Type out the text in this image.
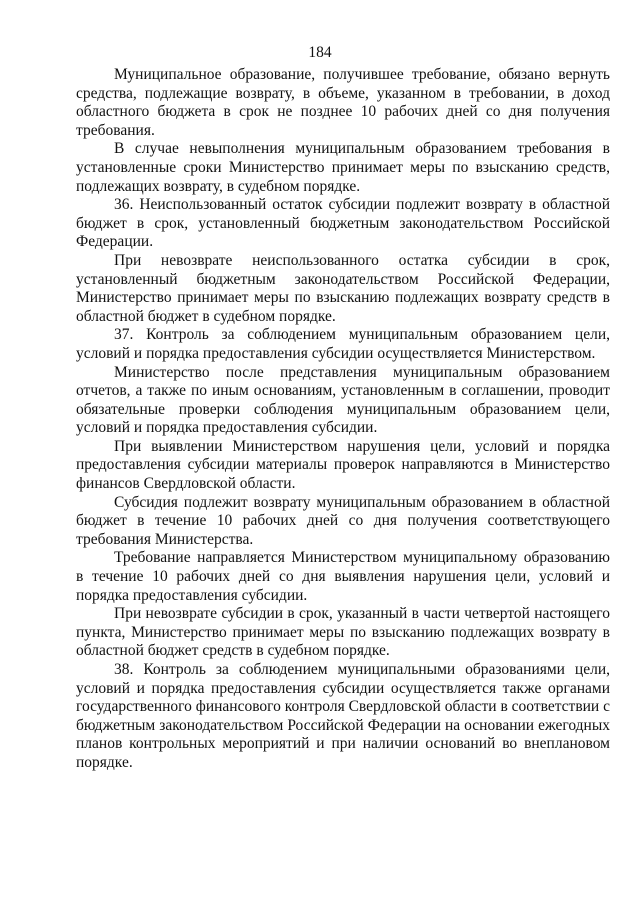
184

Муниципальное образование, получившее требование, обязано вернуть средства, подлежащие возврату, в объеме, указанном в требовании, в доход областного бюджета в срок не позднее 10 рабочих дней со дня получения требования.

В случае невыполнения муниципальным образованием требования в установленные сроки Министерство принимает меры по взысканию средств, подлежащих возврату, в судебном порядке.

36. Неиспользованный остаток субсидии подлежит возврату в областной бюджет в срок, установленный бюджетным законодательством Российской Федерации.

При невозврате неиспользованного остатка субсидии в срок, установленный бюджетным законодательством Российской Федерации, Министерство принимает меры по взысканию подлежащих возврату средств в областной бюджет в судебном порядке.

37. Контроль за соблюдением муниципальным образованием цели, условий и порядка предоставления субсидии осуществляется Министерством.

Министерство после представления муниципальным образованием отчетов, а также по иным основаниям, установленным в соглашении, проводит обязательные проверки соблюдения муниципальным образованием цели, условий и порядка предоставления субсидии.

При выявлении Министерством нарушения цели, условий и порядка предоставления субсидии материалы проверок направляются в Министерство финансов Свердловской области.

Субсидия подлежит возврату муниципальным образованием в областной бюджет в течение 10 рабочих дней со дня получения соответствующего требования Министерства.

Требование направляется Министерством муниципальному образованию в течение 10 рабочих дней со дня выявления нарушения цели, условий и порядка предоставления субсидии.

При невозврате субсидии в срок, указанный в части четвертой настоящего пункта, Министерство принимает меры по взысканию подлежащих возврату в областной бюджет средств в судебном порядке.

38. Контроль за соблюдением муниципальными образованиями цели, условий и порядка предоставления субсидии осуществляется также органами государственного финансового контроля Свердловской области в соответствии с бюджетным законодательством Российской Федерации на основании ежегодных планов контрольных мероприятий и при наличии оснований во внеплановом порядке.
